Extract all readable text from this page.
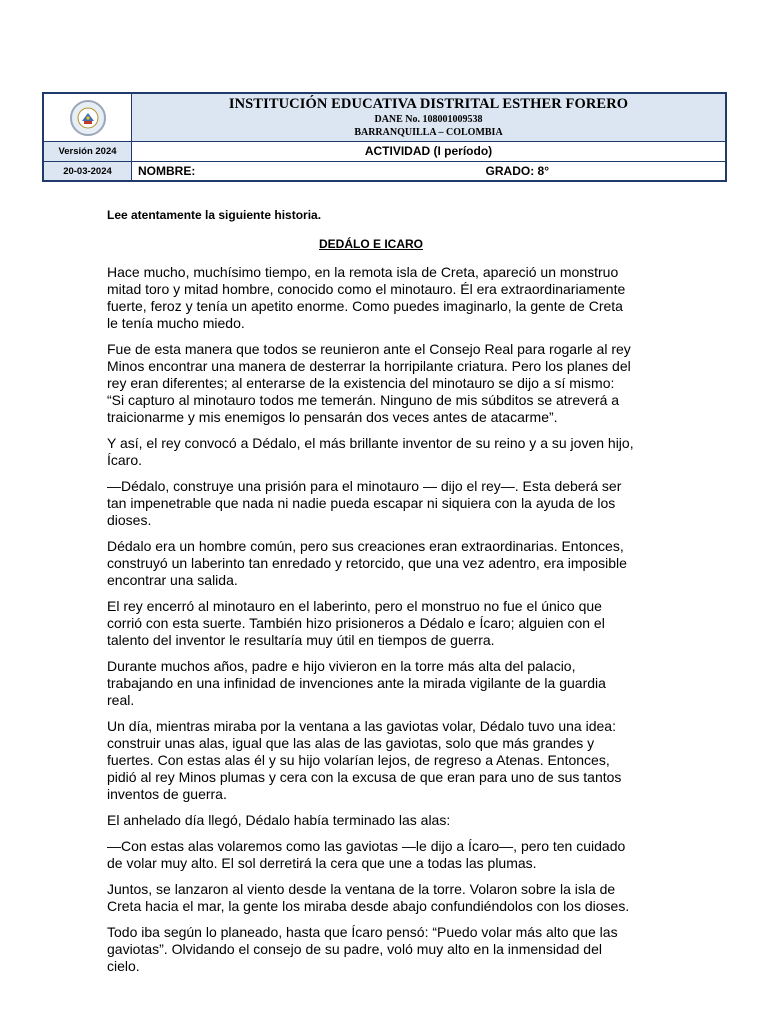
INSTITUCIÓN EDUCATIVA DISTRITAL ESTHER FORERO
DANE No. 108001009538
BARRANQUILLA – COLOMBIA
Versión 2024	ACTIVIDAD (I período)
20-03-2024	NOMBRE:	GRADO: 8°

Lee atentamente la siguiente historia.

DEDÁLO E ICARO

Hace mucho, muchísimo tiempo, en la remota isla de Creta, apareció un monstruo mitad toro y mitad hombre, conocido como el minotauro. Él era extraordinariamente fuerte, feroz y tenía un apetito enorme. Como puedes imaginarlo, la gente de Creta le tenía mucho miedo.

Fue de esta manera que todos se reunieron ante el Consejo Real para rogarle al rey Minos encontrar una manera de desterrar la horripilante criatura. Pero los planes del rey eran diferentes; al enterarse de la existencia del minotauro se dijo a sí mismo: “Si capturo al minotauro todos me temerán. Ninguno de mis súbditos se atreverá a traicionarme y mis enemigos lo pensarán dos veces antes de atacarme”.

Y así, el rey convocó a Dédalo, el más brillante inventor de su reino y a su joven hijo, Ícaro.

—Dédalo, construye una prisión para el minotauro — dijo el rey—. Esta deberá ser tan impenetrable que nada ni nadie pueda escapar ni siquiera con la ayuda de los dioses.

Dédalo era un hombre común, pero sus creaciones eran extraordinarias. Entonces, construyó un laberinto tan enredado y retorcido, que una vez adentro, era imposible encontrar una salida.

El rey encerró al minotauro en el laberinto, pero el monstruo no fue el único que corrió con esta suerte. También hizo prisioneros a Dédalo e Ícaro; alguien con el talento del inventor le resultaría muy útil en tiempos de guerra.

Durante muchos años, padre e hijo vivieron en la torre más alta del palacio, trabajando en una infinidad de invenciones ante la mirada vigilante de la guardia real.

Un día, mientras miraba por la ventana a las gaviotas volar, Dédalo tuvo una idea: construir unas alas, igual que las alas de las gaviotas, solo que más grandes y fuertes. Con estas alas él y su hijo volarían lejos, de regreso a Atenas. Entonces, pidió al rey Minos plumas y cera con la excusa de que eran para uno de sus tantos inventos de guerra.

El anhelado día llegó, Dédalo había terminado las alas:

—Con estas alas volaremos como las gaviotas —le dijo a Ícaro—, pero ten cuidado de volar muy alto. El sol derretirá la cera que une a todas las plumas.

Juntos, se lanzaron al viento desde la ventana de la torre. Volaron sobre la isla de Creta hacia el mar, la gente los miraba desde abajo confundiéndolos con los dioses.

Todo iba según lo planeado, hasta que Ícaro pensó: “Puedo volar más alto que las gaviotas”. Olvidando el consejo de su padre, voló muy alto en la inmensidad del cielo.
